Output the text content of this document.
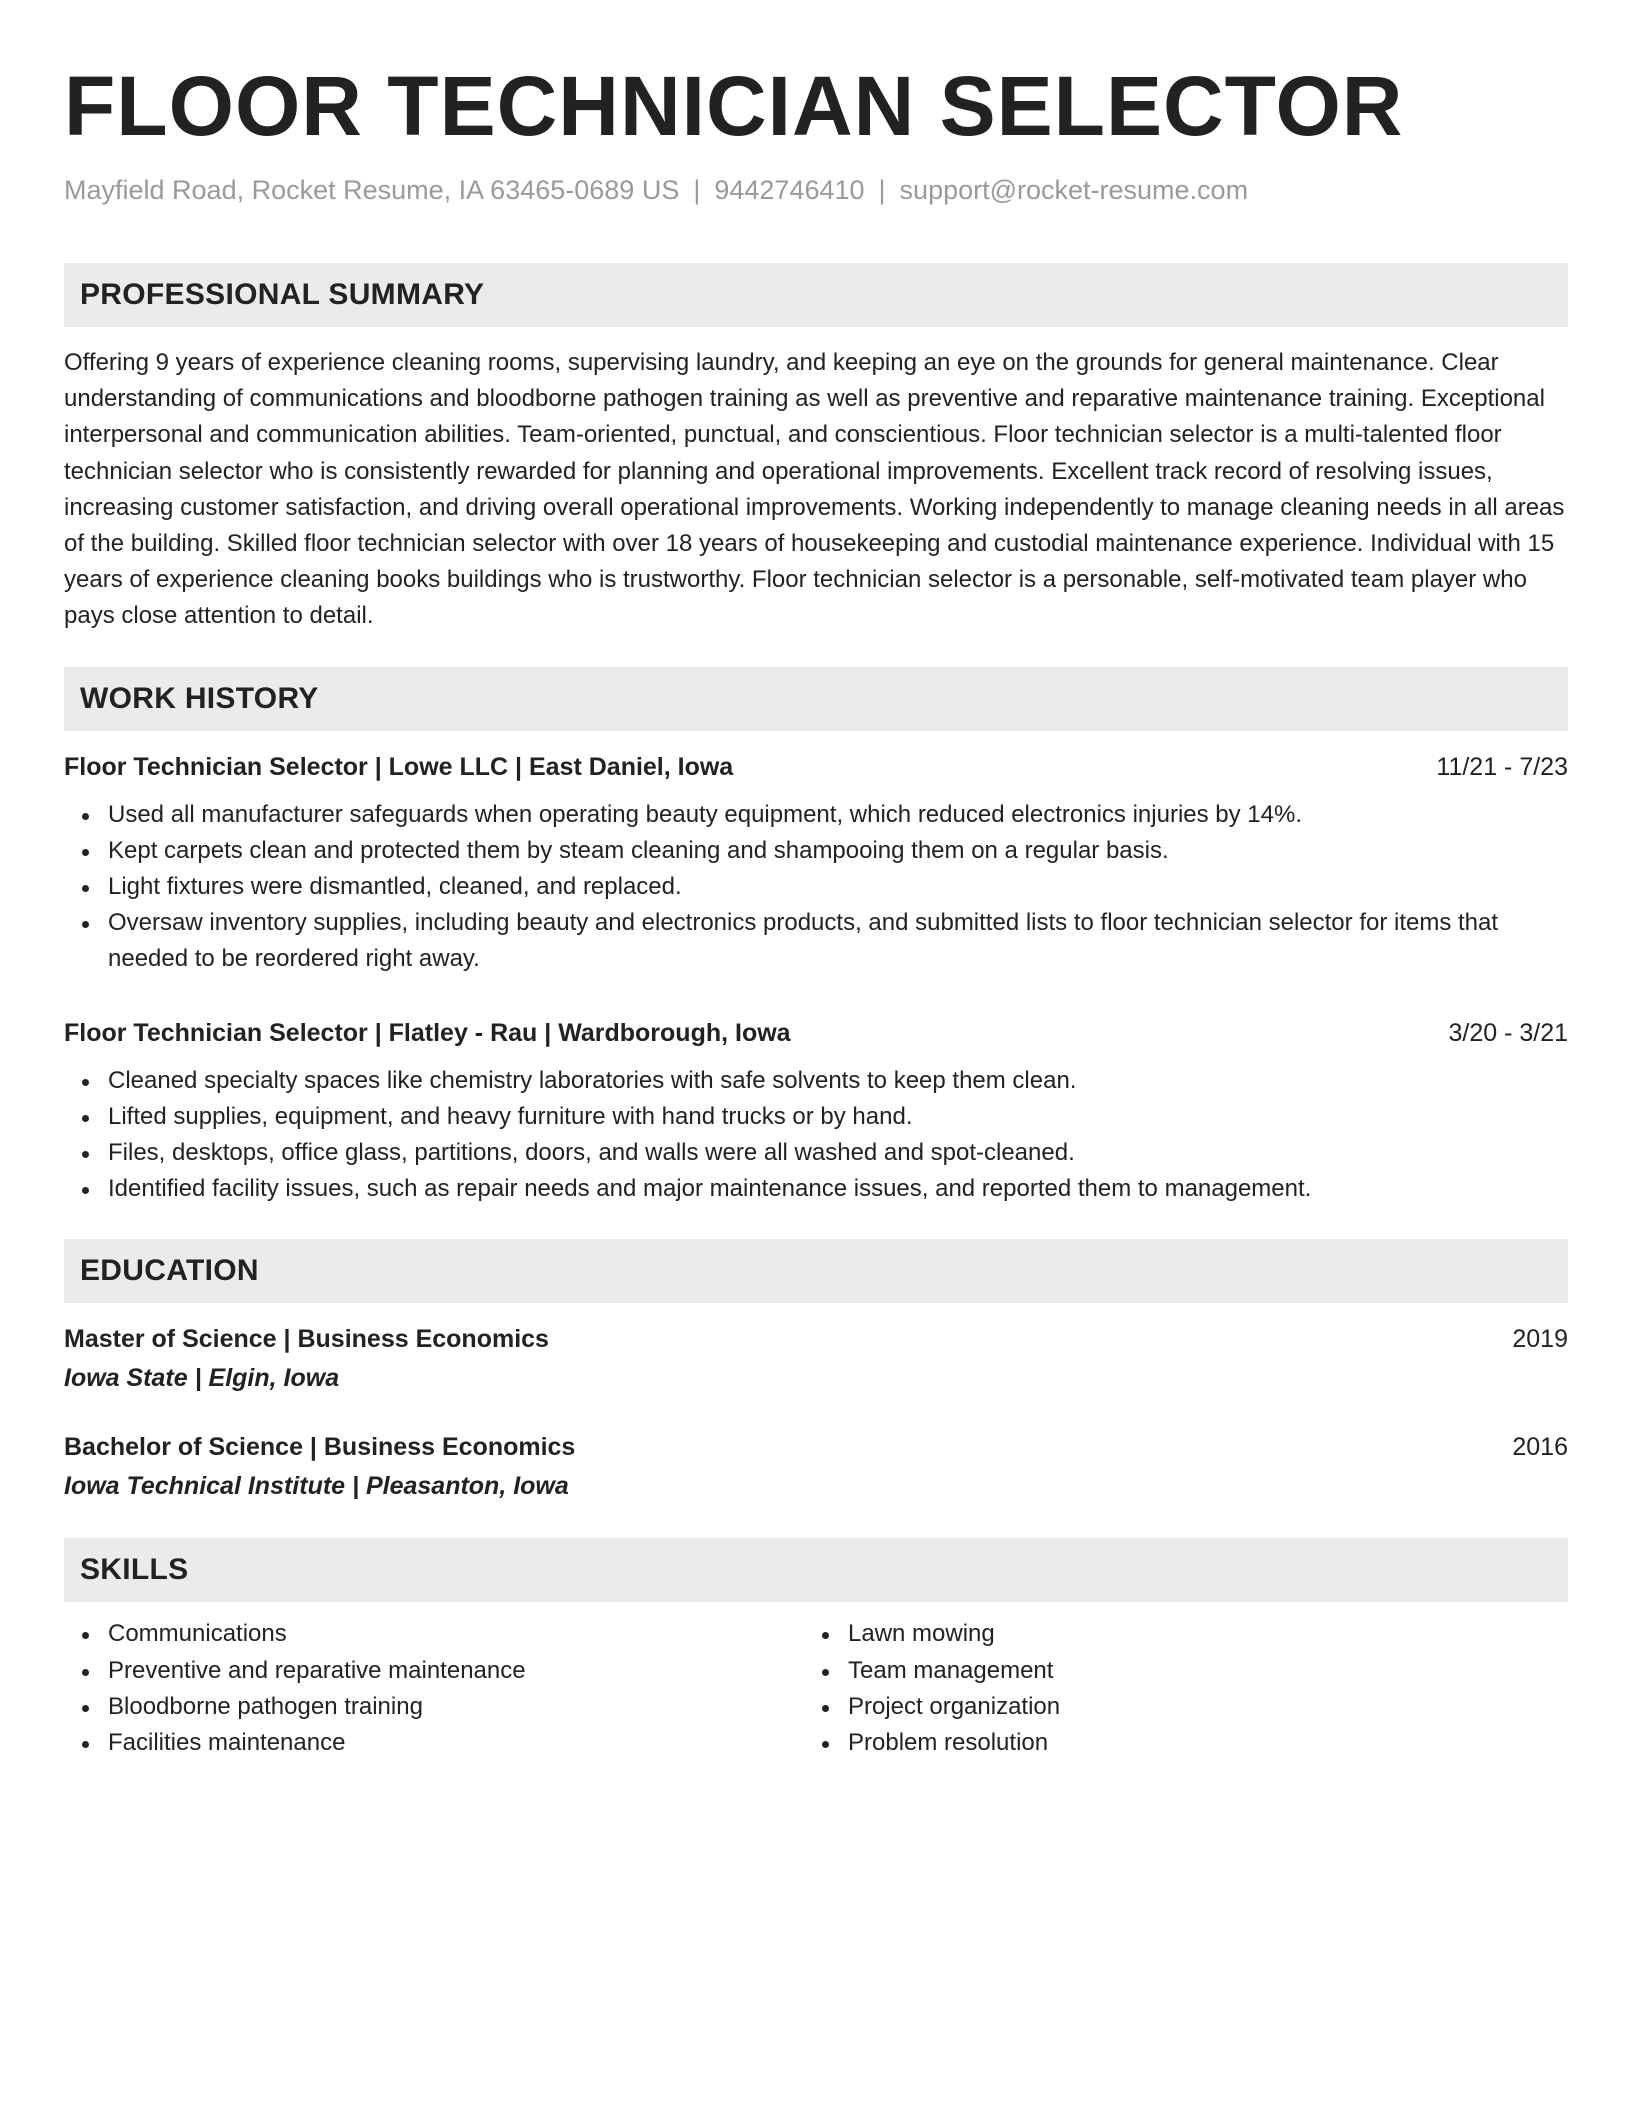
FLOOR TECHNICIAN SELECTOR
Mayfield Road, Rocket Resume, IA 63465-0689 US | 9442746410 | support@rocket-resume.com
PROFESSIONAL SUMMARY
Offering 9 years of experience cleaning rooms, supervising laundry, and keeping an eye on the grounds for general maintenance. Clear understanding of communications and bloodborne pathogen training as well as preventive and reparative maintenance training. Exceptional interpersonal and communication abilities. Team-oriented, punctual, and conscientious. Floor technician selector is a multi-talented floor technician selector who is consistently rewarded for planning and operational improvements. Excellent track record of resolving issues, increasing customer satisfaction, and driving overall operational improvements. Working independently to manage cleaning needs in all areas of the building. Skilled floor technician selector with over 18 years of housekeeping and custodial maintenance experience. Individual with 15 years of experience cleaning books buildings who is trustworthy. Floor technician selector is a personable, self-motivated team player who pays close attention to detail.
WORK HISTORY
Floor Technician Selector | Lowe LLC | East Daniel, Iowa	11/21 - 7/23
Used all manufacturer safeguards when operating beauty equipment, which reduced electronics injuries by 14%.
Kept carpets clean and protected them by steam cleaning and shampooing them on a regular basis.
Light fixtures were dismantled, cleaned, and replaced.
Oversaw inventory supplies, including beauty and electronics products, and submitted lists to floor technician selector for items that needed to be reordered right away.
Floor Technician Selector | Flatley - Rau | Wardborough, Iowa	3/20 - 3/21
Cleaned specialty spaces like chemistry laboratories with safe solvents to keep them clean.
Lifted supplies, equipment, and heavy furniture with hand trucks or by hand.
Files, desktops, office glass, partitions, doors, and walls were all washed and spot-cleaned.
Identified facility issues, such as repair needs and major maintenance issues, and reported them to management.
EDUCATION
Master of Science | Business Economics	2019
Iowa State | Elgin, Iowa
Bachelor of Science | Business Economics	2016
Iowa Technical Institute | Pleasanton, Iowa
SKILLS
Communications
Preventive and reparative maintenance
Bloodborne pathogen training
Facilities maintenance
Lawn mowing
Team management
Project organization
Problem resolution
